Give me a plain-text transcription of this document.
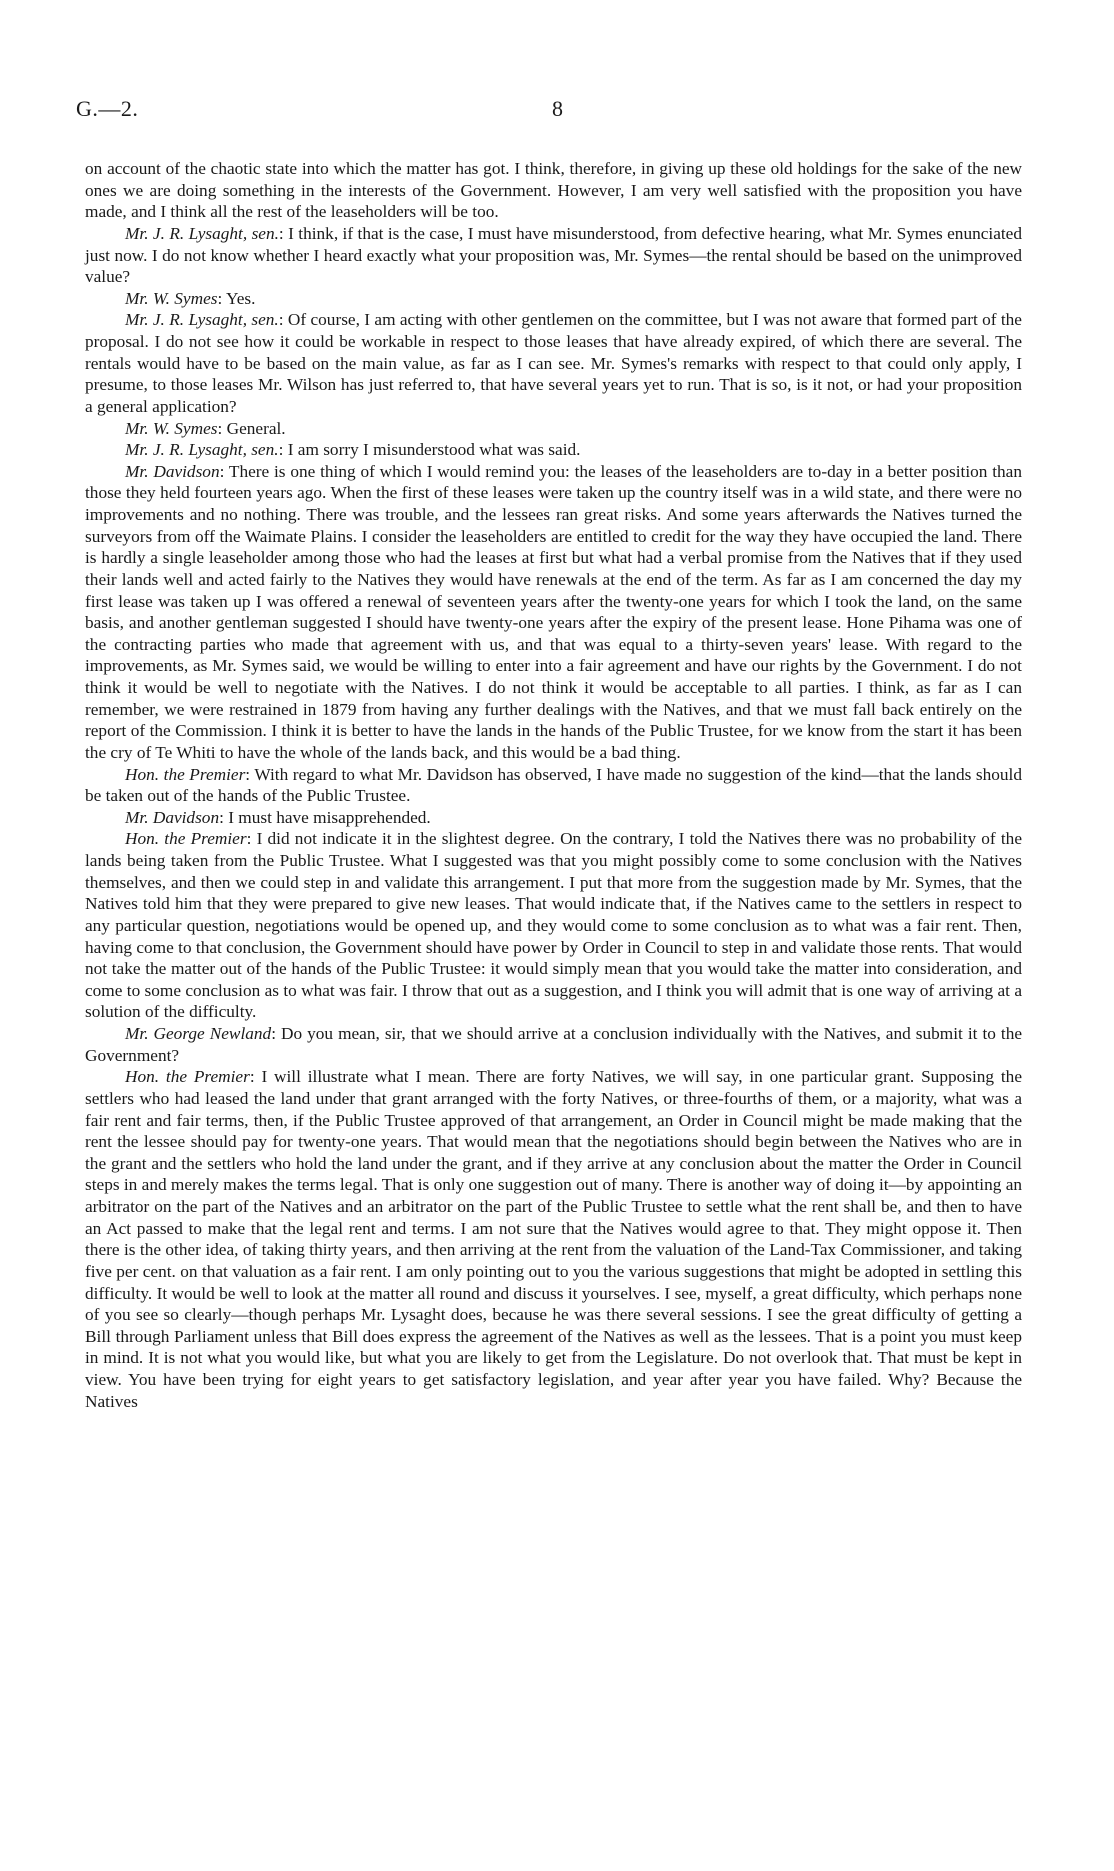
G.—2.	8

on account of the chaotic state into which the matter has got. I think, therefore, in giving up these old holdings for the sake of the new ones we are doing something in the interests of the Government. However, I am very well satisfied with the proposition you have made, and I think all the rest of the leaseholders will be too.

Mr. J. R. Lysaght, sen.: I think, if that is the case, I must have misunderstood, from defective hearing, what Mr. Symes enunciated just now. I do not know whether I heard exactly what your proposition was, Mr. Symes—the rental should be based on the unimproved value?

Mr. W. Symes: Yes.

Mr. J. R. Lysaght, sen.: Of course, I am acting with other gentlemen on the committee, but I was not aware that formed part of the proposal. I do not see how it could be workable in respect to those leases that have already expired, of which there are several. The rentals would have to be based on the main value, as far as I can see. Mr. Symes's remarks with respect to that could only apply, I presume, to those leases Mr. Wilson has just referred to, that have several years yet to run. That is so, is it not, or had your proposition a general application?

Mr. W. Symes: General.

Mr. J. R. Lysaght, sen.: I am sorry I misunderstood what was said.

Mr. Davidson: There is one thing of which I would remind you: the leases of the leaseholders are to-day in a better position than those they held fourteen years ago. When the first of these leases were taken up the country itself was in a wild state, and there were no improvements and no nothing. There was trouble, and the lessees ran great risks. And some years afterwards the Natives turned the surveyors from off the Waimate Plains. I consider the leaseholders are entitled to credit for the way they have occupied the land. There is hardly a single leaseholder among those who had the leases at first but what had a verbal promise from the Natives that if they used their lands well and acted fairly to the Natives they would have renewals at the end of the term. As far as I am concerned the day my first lease was taken up I was offered a renewal of seventeen years after the twenty-one years for which I took the land, on the same basis, and another gentleman suggested I should have twenty-one years after the expiry of the present lease. Hone Pihama was one of the contracting parties who made that agreement with us, and that was equal to a thirty-seven years' lease. With regard to the improvements, as Mr. Symes said, we would be willing to enter into a fair agreement and have our rights by the Government. I do not think it would be well to negotiate with the Natives. I do not think it would be acceptable to all parties. I think, as far as I can remember, we were restrained in 1879 from having any further dealings with the Natives, and that we must fall back entirely on the report of the Commission. I think it is better to have the lands in the hands of the Public Trustee, for we know from the start it has been the cry of Te Whiti to have the whole of the lands back, and this would be a bad thing.

Hon. the Premier: With regard to what Mr. Davidson has observed, I have made no suggestion of the kind—that the lands should be taken out of the hands of the Public Trustee.

Mr. Davidson: I must have misapprehended.

Hon. the Premier: I did not indicate it in the slightest degree. On the contrary, I told the Natives there was no probability of the lands being taken from the Public Trustee. What I suggested was that you might possibly come to some conclusion with the Natives themselves, and then we could step in and validate this arrangement. I put that more from the suggestion made by Mr. Symes, that the Natives told him that they were prepared to give new leases. That would indicate that, if the Natives came to the settlers in respect to any particular question, negotiations would be opened up, and they would come to some conclusion as to what was a fair rent. Then, having come to that conclusion, the Government should have power by Order in Council to step in and validate those rents. That would not take the matter out of the hands of the Public Trustee: it would simply mean that you would take the matter into consideration, and come to some conclusion as to what was fair. I throw that out as a suggestion, and I think you will admit that is one way of arriving at a solution of the difficulty.

Mr. George Newland: Do you mean, sir, that we should arrive at a conclusion individually with the Natives, and submit it to the Government?

Hon. the Premier: I will illustrate what I mean. There are forty Natives, we will say, in one particular grant. Supposing the settlers who had leased the land under that grant arranged with the forty Natives, or three-fourths of them, or a majority, what was a fair rent and fair terms, then, if the Public Trustee approved of that arrangement, an Order in Council might be made making that the rent the lessee should pay for twenty-one years. That would mean that the negotiations should begin between the Natives who are in the grant and the settlers who hold the land under the grant, and if they arrive at any conclusion about the matter the Order in Council steps in and merely makes the terms legal. That is only one suggestion out of many. There is another way of doing it—by appointing an arbitrator on the part of the Natives and an arbitrator on the part of the Public Trustee to settle what the rent shall be, and then to have an Act passed to make that the legal rent and terms. I am not sure that the Natives would agree to that. They might oppose it. Then there is the other idea, of taking thirty years, and then arriving at the rent from the valuation of the Land-Tax Commissioner, and taking five per cent. on that valuation as a fair rent. I am only pointing out to you the various suggestions that might be adopted in settling this difficulty. It would be well to look at the matter all round and discuss it yourselves. I see, myself, a great difficulty, which perhaps none of you see so clearly—though perhaps Mr. Lysaght does, because he was there several sessions. I see the great difficulty of getting a Bill through Parliament unless that Bill does express the agreement of the Natives as well as the lessees. That is a point you must keep in mind. It is not what you would like, but what you are likely to get from the Legislature. Do not overlook that. That must be kept in view. You have been trying for eight years to get satisfactory legislation, and year after year you have failed. Why? Because the Natives
